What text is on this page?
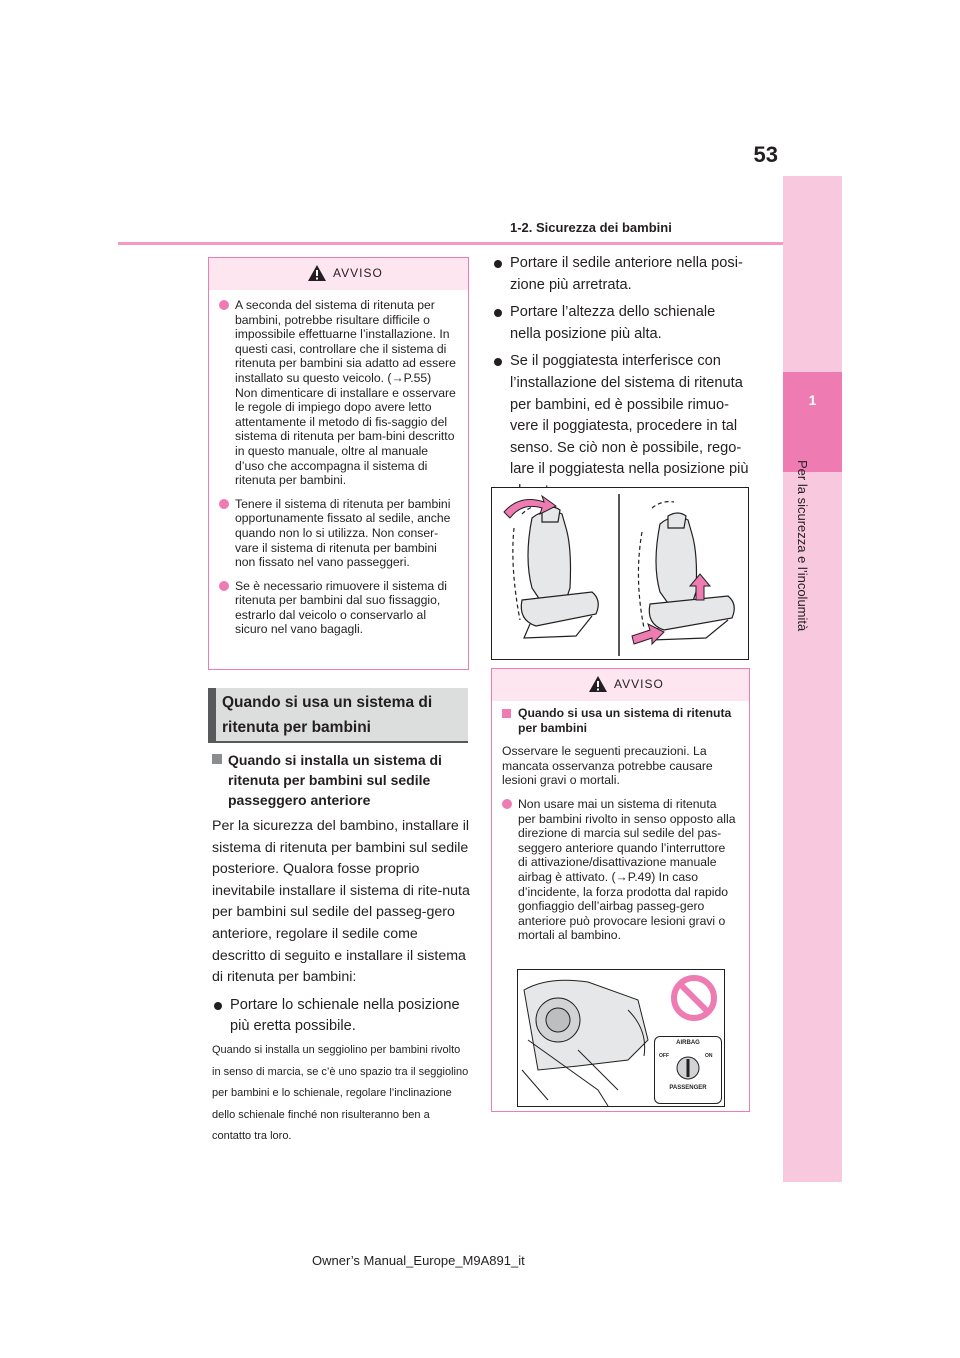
53
1-2. Sicurezza dei bambini
1
Per la sicurezza e l’incolumità
AVVISO
A seconda del sistema di ritenuta per bambini, potrebbe risultare difficile o impossibile effettuarne l’installazione. In questi casi, controllare che il sistema di ritenuta per bambini sia adatto ad essere installato su questo veicolo. (→P.55) Non dimenticare di installare e osservare le regole di impiego dopo avere letto attentamente il metodo di fis-saggio del sistema di ritenuta per bam-bini descritto in questo manuale, oltre al manuale d’uso che accompagna il sistema di ritenuta per bambini.
Tenere il sistema di ritenuta per bambini opportunamente fissato al sedile, anche quando non lo si utilizza. Non conser-vare il sistema di ritenuta per bambini non fissato nel vano passeggeri.
Se è necessario rimuovere il sistema di ritenuta per bambini dal suo fissaggio, estrarlo dal veicolo o conservarlo al sicuro nel vano bagagli.
Quando si usa un sistema di ritenuta per bambini
Quando si installa un sistema di ritenuta per bambini sul sedile passeggero anteriore
Per la sicurezza del bambino, installare il sistema di ritenuta per bambini sul sedile posteriore. Qualora fosse proprio inevitabile installare il sistema di rite-nuta per bambini sul sedile del passeg-gero anteriore, regolare il sedile come descritto di seguito e installare il sistema di ritenuta per bambini:
Portare lo schienale nella posizione più eretta possibile.
Quando si installa un seggiolino per bambini rivolto in senso di marcia, se c’è uno spazio tra il seggiolino per bambini e lo schienale, regolare l’inclinazione dello schienale finché non risulteranno ben a contatto tra loro.
Portare il sedile anteriore nella posi-zione più arretrata.
Portare l’altezza dello schienale nella posizione più alta.
Se il poggiatesta interferisce con l’installazione del sistema di ritenuta per bambini, ed è possibile rimuo-vere il poggiatesta, procedere in tal senso. Se ciò non è possibile, rego-lare il poggiatesta nella posizione più
AVVISO
Quando si usa un sistema di ritenuta per bambini
Osservare le seguenti precauzioni. La mancata osservanza potrebbe causare lesioni gravi o mortali.
Non usare mai un sistema di ritenuta per bambini rivolto in senso opposto alla direzione di marcia sul sedile del pas-seggero anteriore quando l’interruttore di attivazione/disattivazione manuale airbag è attivato. (→P.49) In caso d’incidente, la forza prodotta dal rapido gonfiaggio dell’airbag passeg-gero anteriore può provocare lesioni gravi o mortali al bambino.
AIRBAG
OFF	ON
PASSENGER
Owner’s Manual_Europe_M9A891_it
